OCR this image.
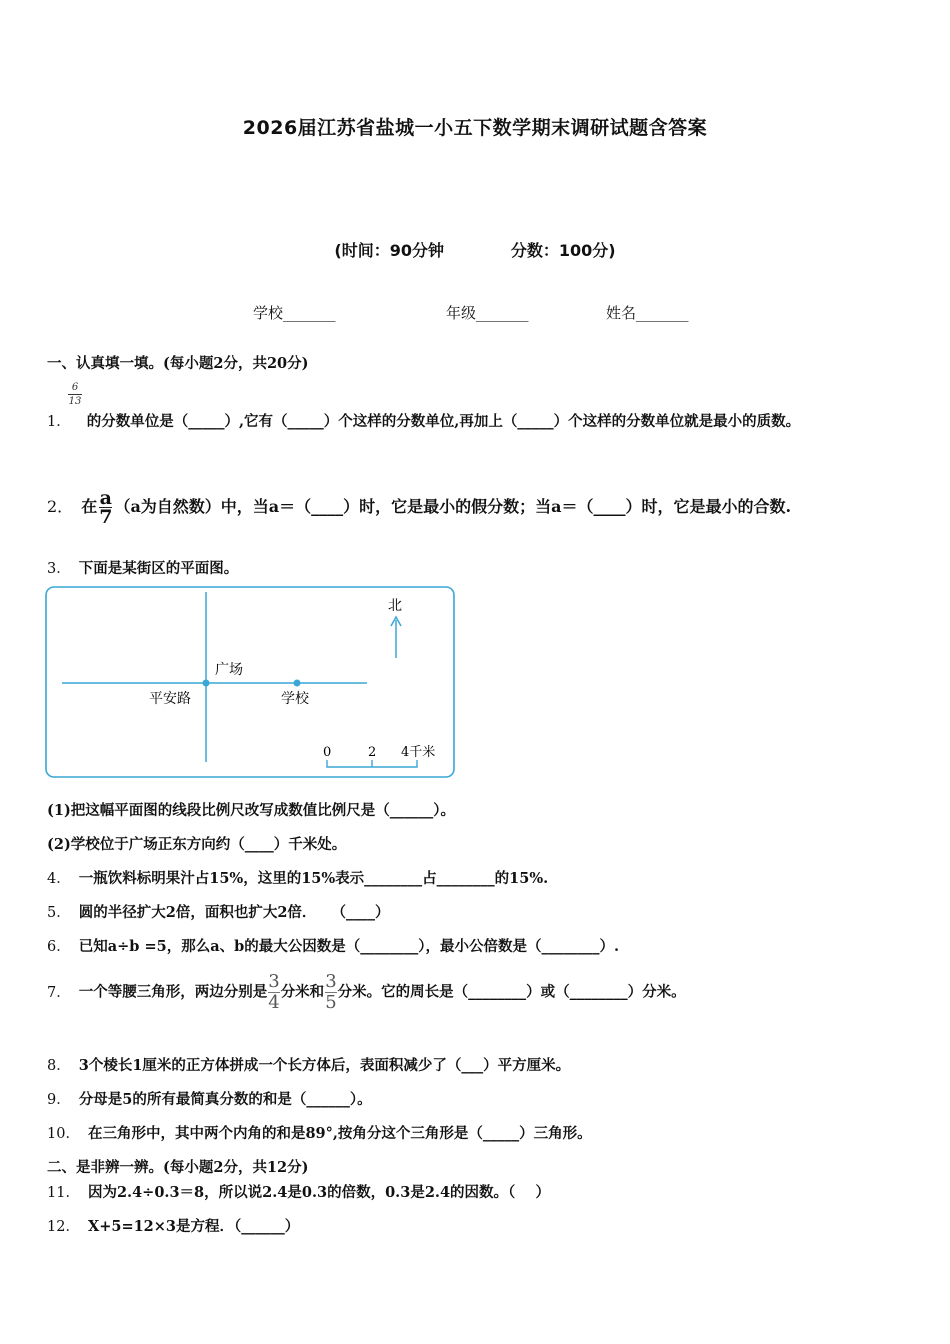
2026届江苏省盐城一小五下数学期末调研试题含答案
(时间：90分钟            分数：100分)
学校_______	年级_______	姓名_______
一、认真填一填。(每小题2分，共20分)
6
13
1． 的分数单位是（_____）,它有（_____）个这样的分数单位,再加上（_____）个这样的分数单位就是最小的质数。
2． 在 $\frac{a}{7} (a$为自然数）中，当a＝（____）时，它是最小的假分数；当a＝（____）时，它是最小的合数.
3． 下面是某街区的平面图。
广场
平安路	学校
北
0	2 4千米
(1)把这幅平面图的线段比例尺改写成数值比例尺是（______）。
(2)学校位于广场正东方向约（____）千米处。
4． 一瓶饮料标明果汁占15%，这里的15%表示________占________的15%.
5． 圆的半径扩大2倍，面积也扩大2倍．   （____）
6． 已知a÷b =5，那么a、b的最大公因数是（________），最小公倍数是（________）.
7． 一个等腰三角形，两边分别是 $\frac{3}{4}$ 分米和 $\frac{3}{5}$ 分米。它的周长是（________）或（________）分米。
8． 3个棱长1厘米的正方体拼成一个长方体后，表面积减少了（___）平方厘米。
9． 分母是5的所有最简真分数的和是（______）。
10． 在三角形中，其中两个内角的和是89°,按角分这个三角形是（_____）三角形。
二、是非辨一辨。(每小题2分，共12分)
11． 因为2.4÷0.3＝8，所以说2.4是0.3的倍数，0.3是2.4的因数。（    ）
12． X+5=12×3是方程．（______）
